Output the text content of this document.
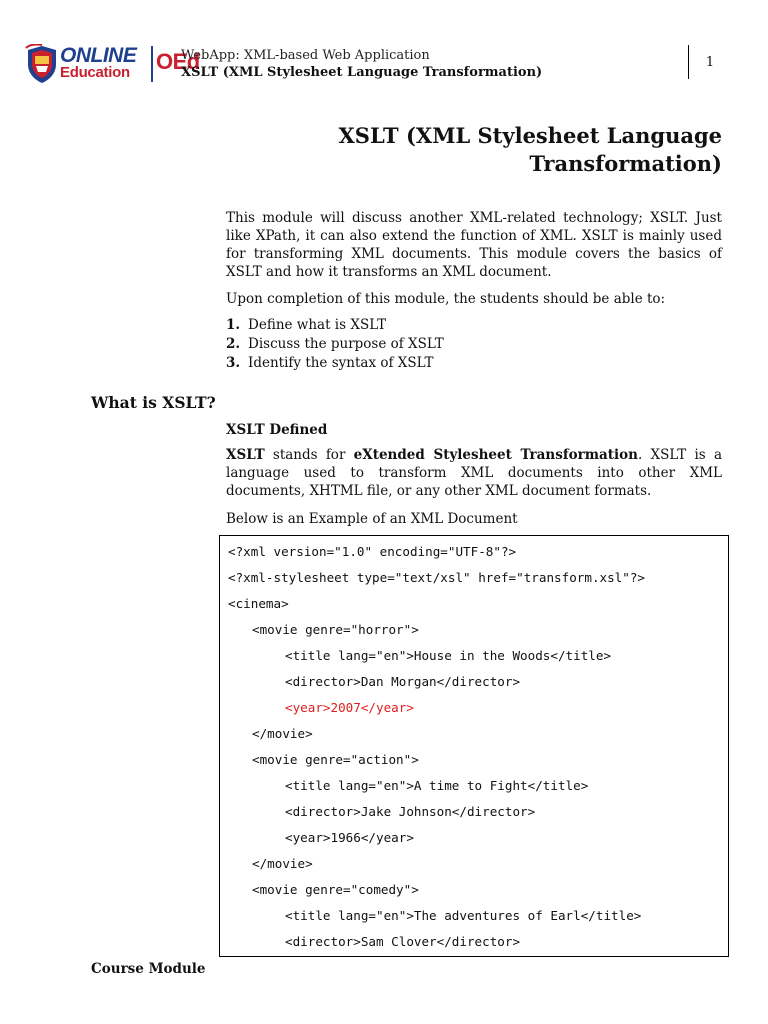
ONLINE
Education OEd
WebApp: XML-based Web Application
XSLT (XML Stylesheet Language Transformation)
1
XSLT (XML Stylesheet Language
Transformation)
This module will discuss another XML-related technology; XSLT. Just like XPath, it can also extend the function of XML. XSLT is mainly used for transforming XML documents. This module covers the basics of XSLT and how it transforms an XML document.
Upon completion of this module, the students should be able to:
1. Define what is XSLT
2. Discuss the purpose of XSLT
3. Identify the syntax of XSLT
What is XSLT?
XSLT Defined
XSLT stands for eXtended Stylesheet Transformation. XSLT is a language used to transform XML documents into other XML documents, XHTML file, or any other XML document formats.
Below is an Example of an XML Document
<?xml version="1.0" encoding="UTF-8"?>
<?xml-stylesheet type="text/xsl" href="transform.xsl"?>
<cinema>
<movie genre="horror">
<title lang="en">House in the Woods</title>
<director>Dan Morgan</director>
<year>2007</year>
</movie>
<movie genre="action">
<title lang="en">A time to Fight</title>
<director>Jake Johnson</director>
<year>1966</year>
</movie>
<movie genre="comedy">
<title lang="en">The adventures of Earl</title>
<director>Sam Clover</director>
Course Module
